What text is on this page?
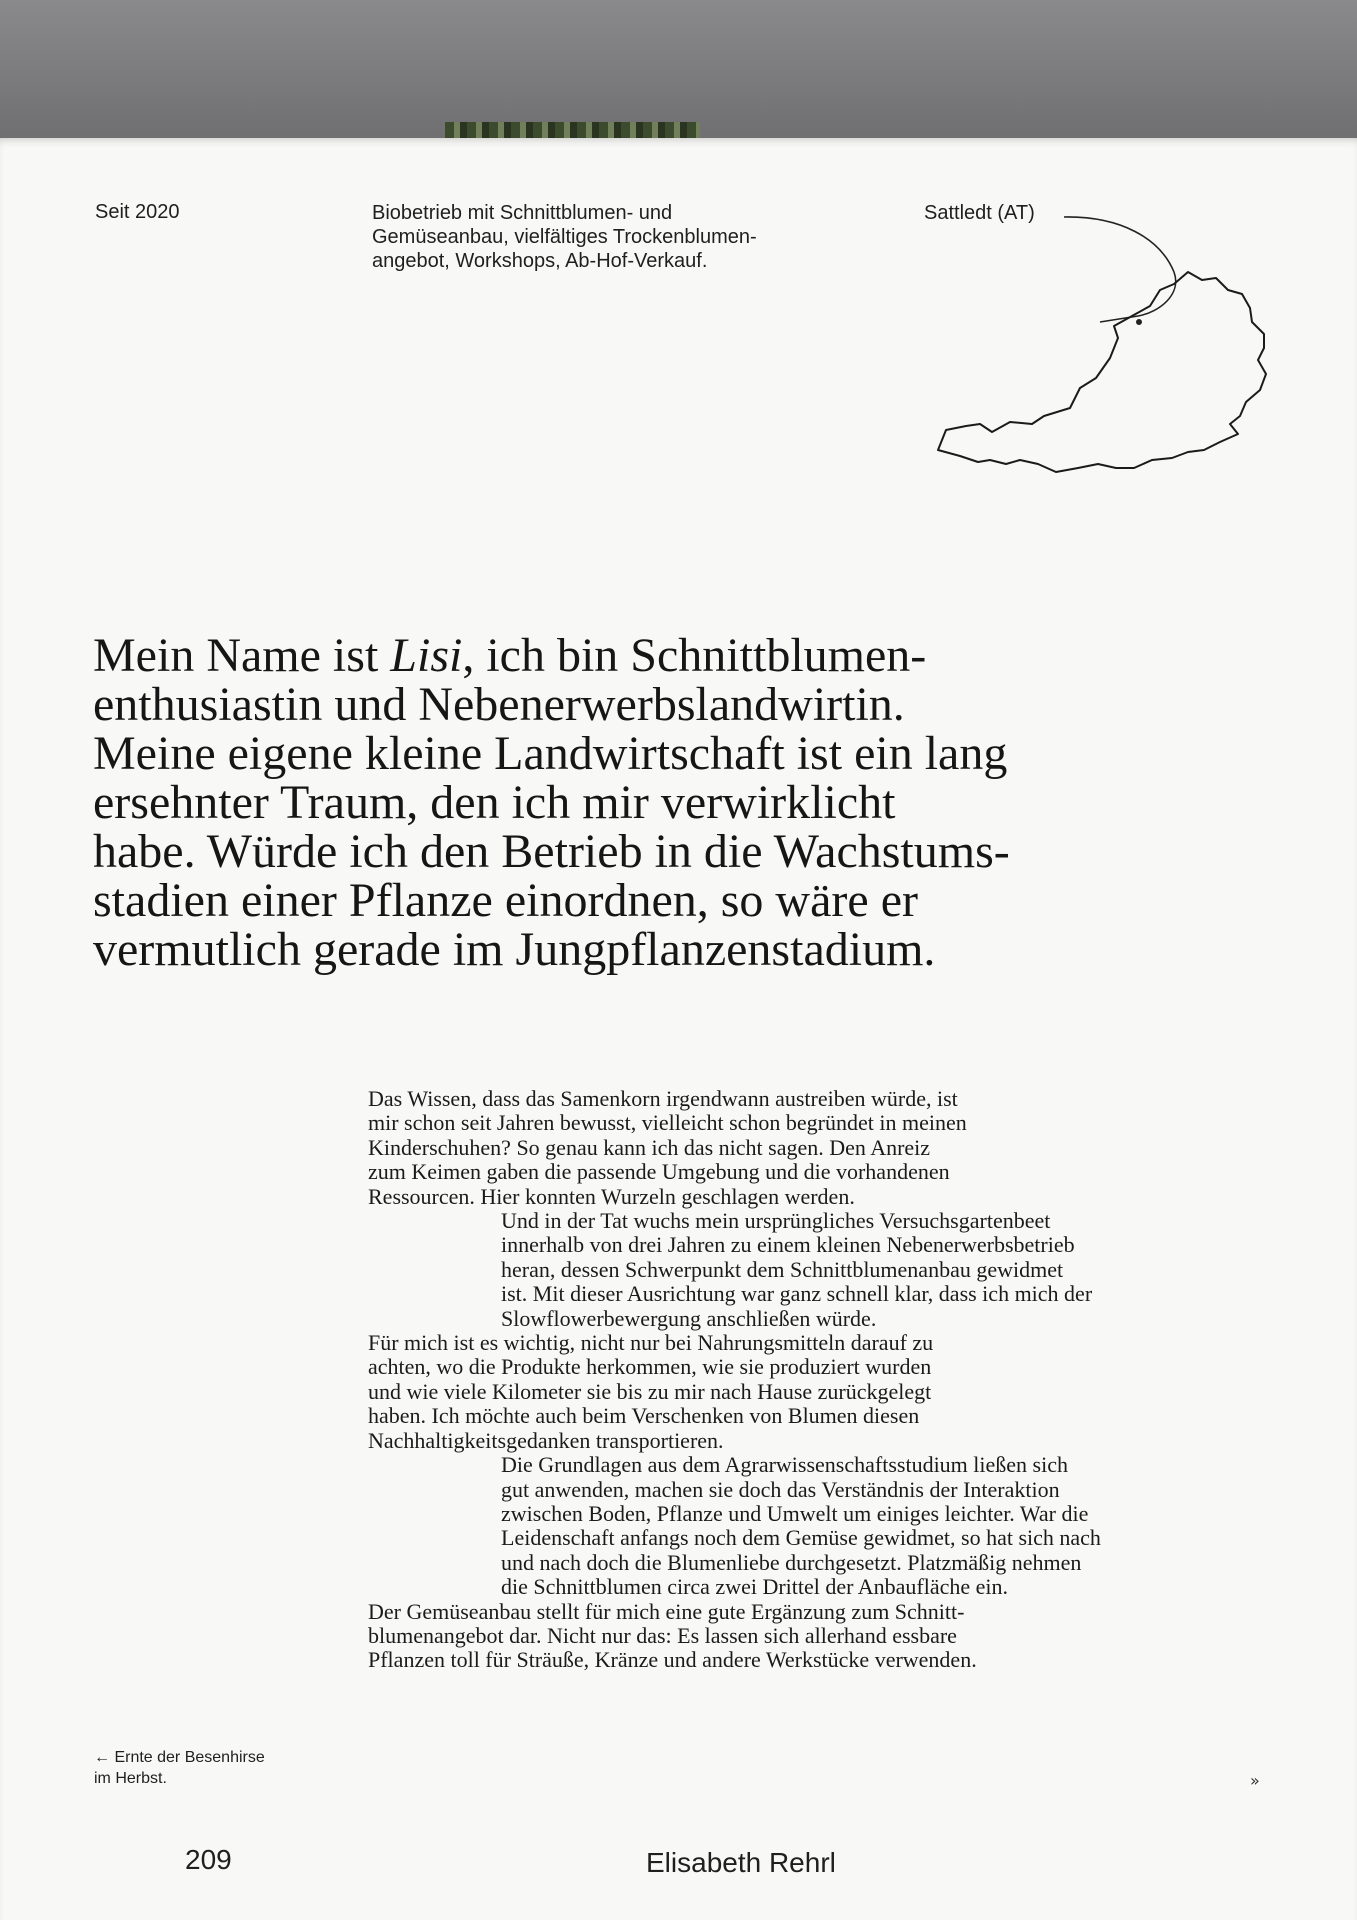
Seit 2020	Biobetrieb mit Schnittblumen- und
Gemüseanbau, vielfältiges Trockenblumen-
angebot, Workshops, Ab-Hof-Verkauf.
Sattledt (AT)
Mein Name ist Lisi, ich bin Schnittblumen-
enthusiastin und Nebenerwerbslandwirtin.
Meine eigene kleine Landwirtschaft ist ein lang
ersehnter Traum, den ich mir verwirklicht
habe. Würde ich den Betrieb in die Wachstums-
stadien einer Pflanze einordnen, so wäre er
vermutlich gerade im Jungpflanzenstadium.
Das Wissen, dass das Samenkorn irgendwann austreiben würde, ist
mir schon seit Jahren bewusst, vielleicht schon begründet in meinen
Kinderschuhen? So genau kann ich das nicht sagen. Den Anreiz
zum Keimen gaben die passende Umgebung und die vorhandenen
Ressourcen. Hier konnten Wurzeln geschlagen werden.
Und in der Tat wuchs mein ursprüngliches Versuchsgartenbeet
innerhalb von drei Jahren zu einem kleinen Nebenerwerbsbetrieb
heran, dessen Schwerpunkt dem Schnittblumenanbau gewidmet
ist. Mit dieser Ausrichtung war ganz schnell klar, dass ich mich der
Slowflowerbewergung anschließen würde.
Für mich ist es wichtig, nicht nur bei Nahrungsmitteln darauf zu
achten, wo die Produkte herkommen, wie sie produziert wurden
und wie viele Kilometer sie bis zu mir nach Hause zurückgelegt
haben. Ich möchte auch beim Verschenken von Blumen diesen
Nachhaltigkeitsgedanken transportieren.
Die Grundlagen aus dem Agrarwissenschaftsstudium ließen sich
gut anwenden, machen sie doch das Verständnis der Interaktion
zwischen Boden, Pflanze und Umwelt um einiges leichter. War die
Leidenschaft anfangs noch dem Gemüse gewidmet, so hat sich nach
und nach doch die Blumenliebe durchgesetzt. Platzmäßig nehmen
die Schnittblumen circa zwei Drittel der Anbaufläche ein.
Der Gemüseanbau stellt für mich eine gute Ergänzung zum Schnitt-
blumenangebot dar. Nicht nur das: Es lassen sich allerhand essbare
Pflanzen toll für Sträuße, Kränze und andere Werkstücke verwenden.
»
← Ernte der Besenhirse
im Herbst.
209	Elisabeth Rehrl
